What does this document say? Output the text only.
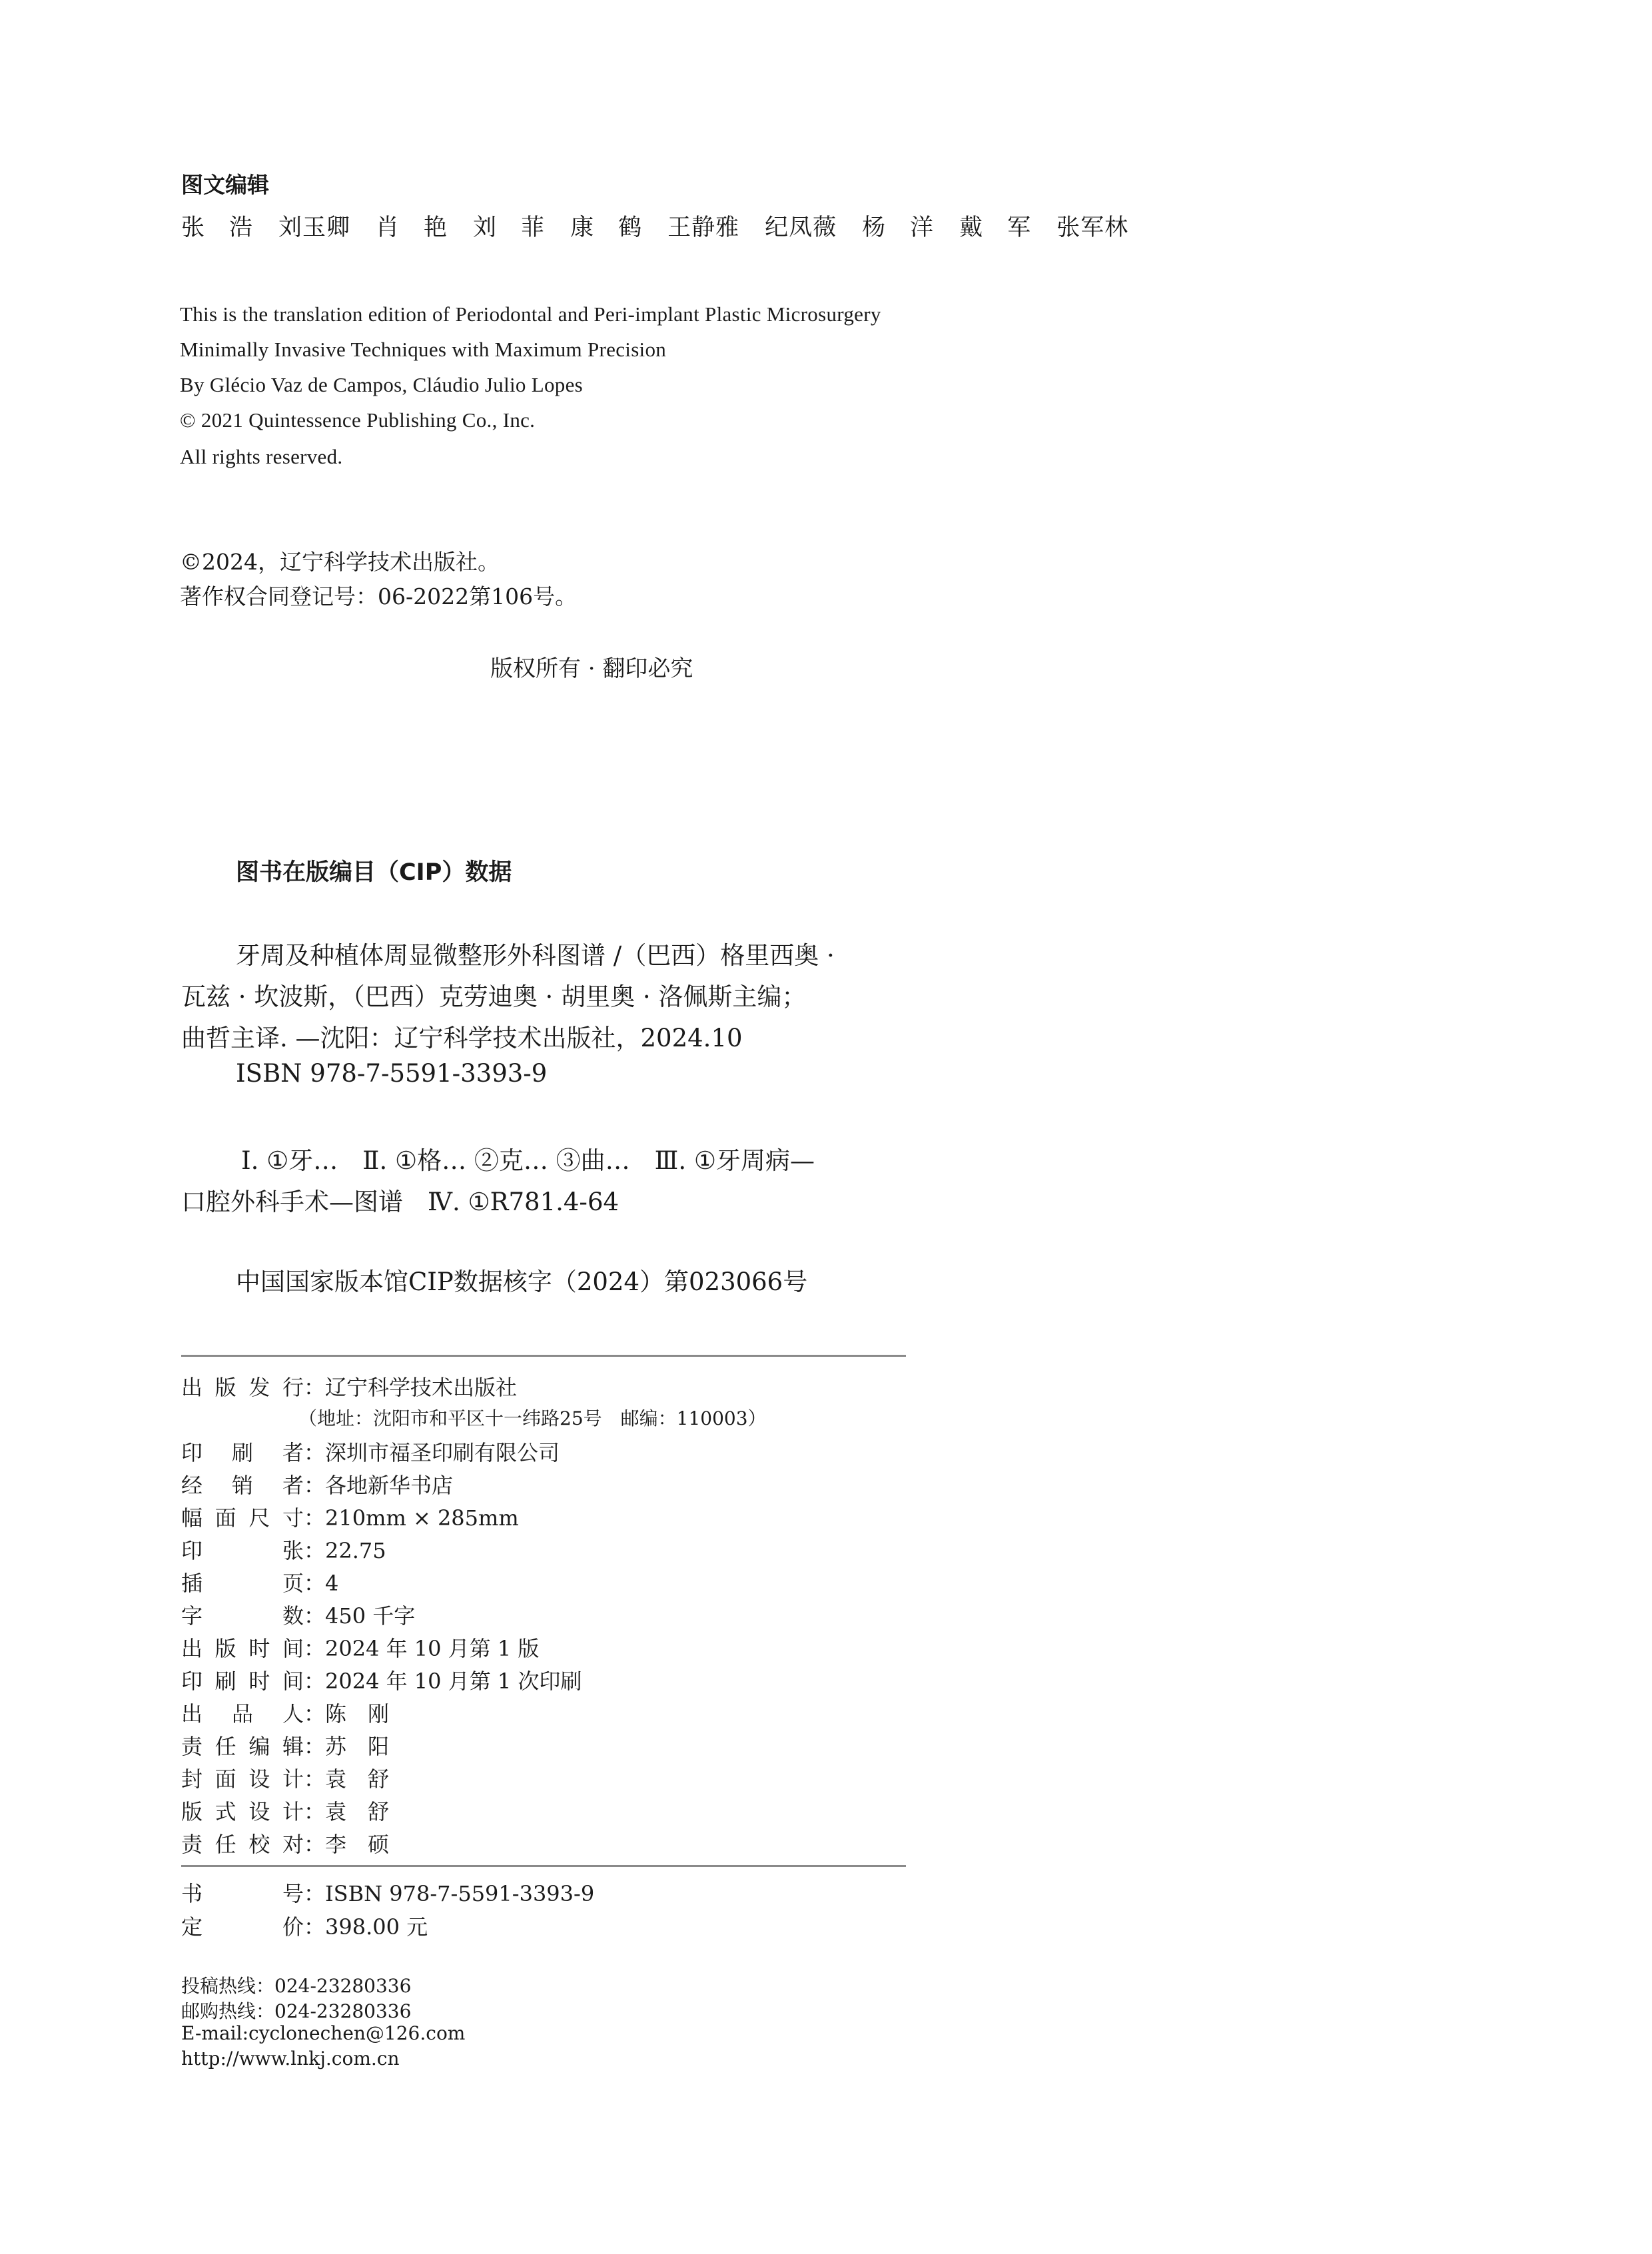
图文编辑
张　浩 刘玉卿 肖　艳 刘　菲 康　鹤 王静雅 纪凤薇 杨　洋 戴　军 张军林
This is the translation edition of Periodontal and Peri-implant Plastic Microsurgery
Minimally Invasive Techniques with Maximum Precision
By Glécio Vaz de Campos, Cláudio Julio Lopes
© 2021 Quintessence Publishing Co., Inc.
All rights reserved.
©2024，辽宁科学技术出版社。
著作权合同登记号：06-2022第106号。
版权所有 · 翻印必究
图书在版编目（CIP）数据
牙周及种植体周显微整形外科图谱 /（巴西）格里西奥 ·
瓦兹 · 坎波斯，（巴西）克劳迪奥 · 胡里奥 · 洛佩斯主编；
曲哲主译. —沈阳：辽宁科学技术出版社，2024.10
ISBN 978-7-5591-3393-9
Ⅰ. ①牙…　Ⅱ. ①格… ②克… ③曲…　Ⅲ. ①牙周病—
口腔外科手术—图谱　Ⅳ. ①R781.4-64
中国国家版本馆CIP数据核字（2024）第023066号
出版发行：辽宁科学技术出版社
（地址：沈阳市和平区十一纬路25号　邮编：110003）
印 刷 者：深圳市福圣印刷有限公司
经 销 者：各地新华书店
幅面尺寸：210mm × 285mm
印　　张：22.75
插　　页：4
字　　数：450 千字
出版时间：2024 年 10 月第 1 版
印刷时间：2024 年 10 月第 1 次印刷
出 品 人：陈　刚
责任编辑：苏　阳
封面设计：袁　舒
版式设计：袁　舒
责任校对：李　硕
书　　号：ISBN 978-7-5591-3393-9
定　　价：398.00 元
投稿热线：024-23280336
邮购热线：024-23280336
E-mail:cyclonechen@126.com
http://www.lnkj.com.cn
